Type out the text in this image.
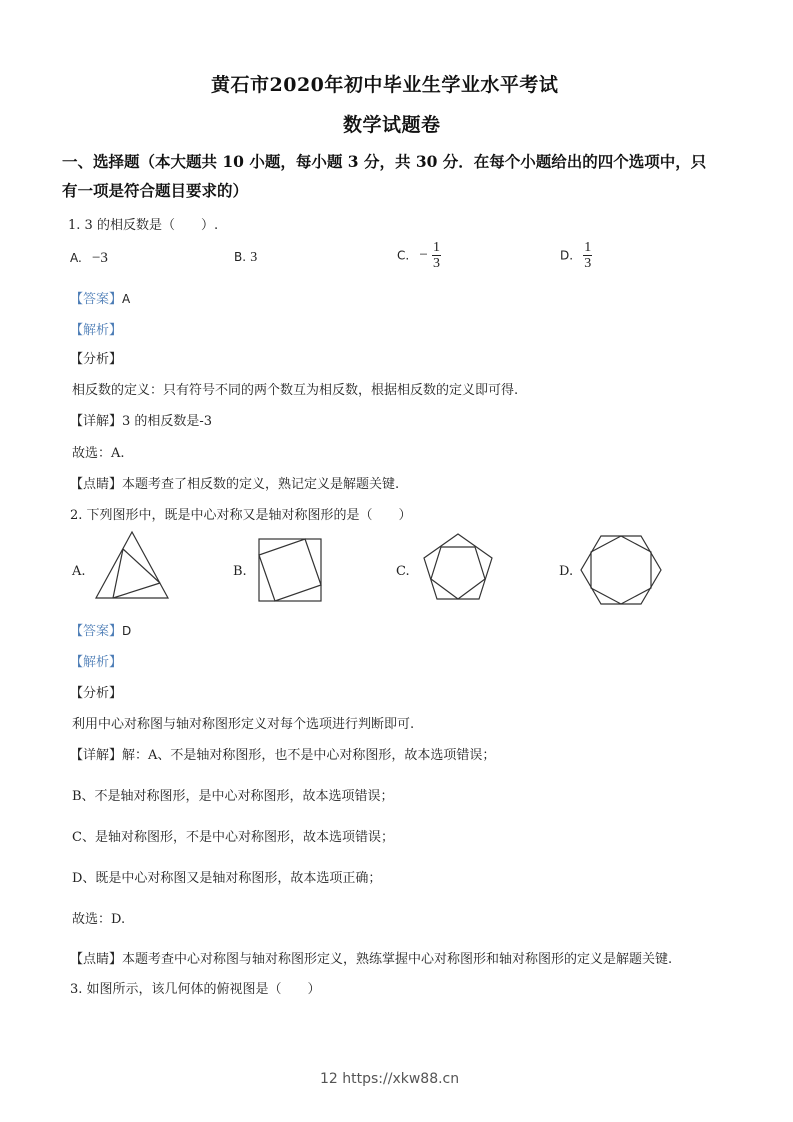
黄石市2020年初中毕业生学业水平考试
数学试题卷
一、选择题（本大题共 10 小题，每小题 3 分，共 30 分．在每个小题给出的四个选项中，只
有一项是符合题目要求的）
1. 3 的相反数是（　　）.
A. −3	B. 3	C. − $\frac{1}{3}$	D. $\frac{1}{3}$
【答案】A
【解析】
【分析】
相反数的定义：只有符号不同的两个数互为相反数，根据相反数的定义即可得.
【详解】3 的相反数是-3
故选：A.
【点睛】本题考查了相反数的定义，熟记定义是解题关键.
2. 下列图形中，既是中心对称又是轴对称图形的是（　　）
A.	B.	C.	D.
【答案】D
【解析】
【分析】
利用中心对称图与轴对称图形定义对每个选项进行判断即可.
【详解】解：A、不是轴对称图形，也不是中心对称图形，故本选项错误；
B、不是轴对称图形，是中心对称图形，故本选项错误；
C、是轴对称图形，不是中心对称图形，故本选项错误；
D、既是中心对称图又是轴对称图形，故本选项正确；
故选：D.
【点睛】本题考查中心对称图与轴对称图形定义，熟练掌握中心对称图形和轴对称图形的定义是解题关键.
3. 如图所示，该几何体的俯视图是（　　）
12 https://xkw88.cn
